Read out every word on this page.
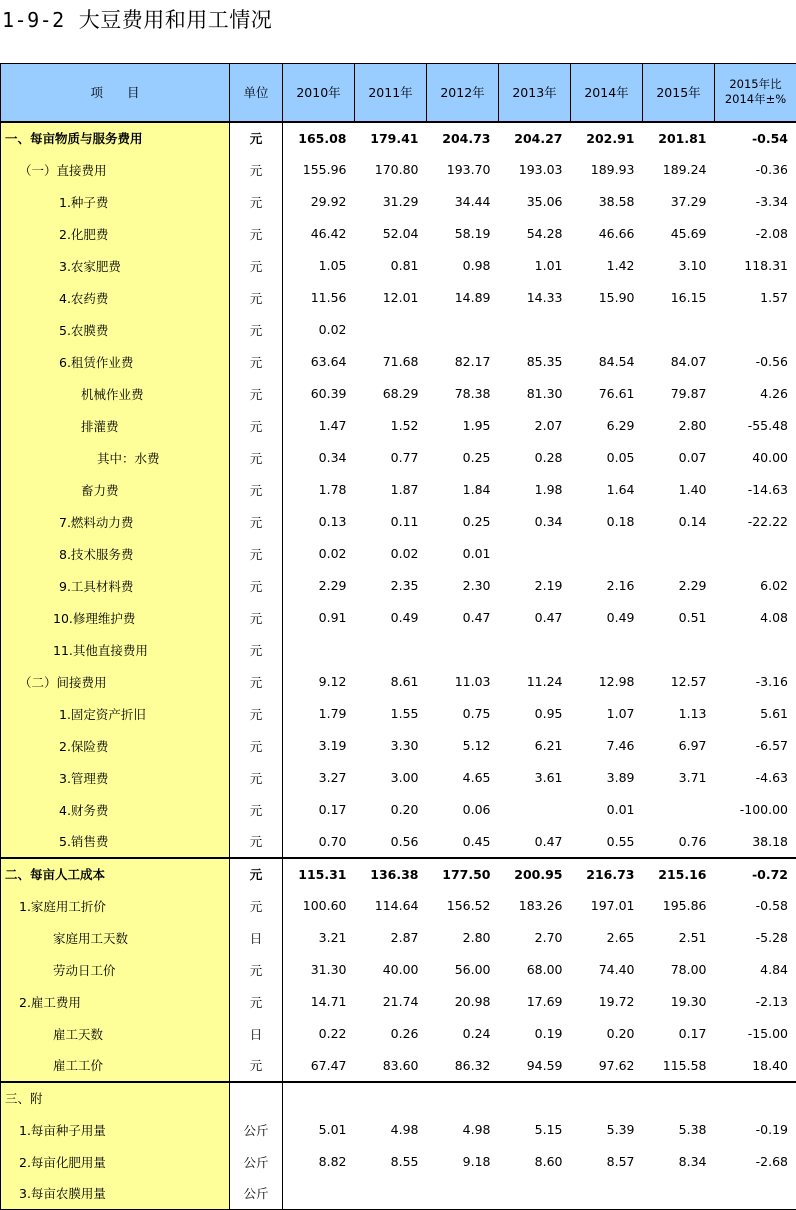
1-9-2 大豆费用和用工情况
项目	单位	2010年	2011年	2012年	2013年	2014年	2015年	2015年比
2014年±%
一、每亩物质与服务费用	元	165.08	179.41	204.73	204.27	202.91	201.81	-0.54
（一）直接费用	元	155.96	170.80	193.70	193.03	189.93	189.24	-0.36
1.种子费	元	29.92	31.29	34.44	35.06	38.58	37.29	-3.34
2.化肥费	元	46.42	52.04	58.19	54.28	46.66	45.69	-2.08
3.农家肥费	元	1.05	0.81	0.98	1.01	1.42	3.10	118.31
4.农药费	元	11.56	12.01	14.89	14.33	15.90	16.15	1.57
5.农膜费	元	0.02						
6.租赁作业费	元	63.64	71.68	82.17	85.35	84.54	84.07	-0.56
机械作业费	元	60.39	68.29	78.38	81.30	76.61	79.87	4.26
排灌费	元	1.47	1.52	1.95	2.07	6.29	2.80	-55.48
其中：水费	元	0.34	0.77	0.25	0.28	0.05	0.07	40.00
畜力费	元	1.78	1.87	1.84	1.98	1.64	1.40	-14.63
7.燃料动力费	元	0.13	0.11	0.25	0.34	0.18	0.14	-22.22
8.技术服务费	元	0.02	0.02	0.01				
9.工具材料费	元	2.29	2.35	2.30	2.19	2.16	2.29	6.02
10.修理维护费	元	0.91	0.49	0.47	0.47	0.49	0.51	4.08
11.其他直接费用	元							
（二）间接费用	元	9.12	8.61	11.03	11.24	12.98	12.57	-3.16
1.固定资产折旧	元	1.79	1.55	0.75	0.95	1.07	1.13	5.61
2.保险费	元	3.19	3.30	5.12	6.21	7.46	6.97	-6.57
3.管理费	元	3.27	3.00	4.65	3.61	3.89	3.71	-4.63
4.财务费	元	0.17	0.20	0.06		0.01		-100.00
5.销售费	元	0.70	0.56	0.45	0.47	0.55	0.76	38.18
二、每亩人工成本	元	115.31	136.38	177.50	200.95	216.73	215.16	-0.72
1.家庭用工折价	元	100.60	114.64	156.52	183.26	197.01	195.86	-0.58
家庭用工天数	日	3.21	2.87	2.80	2.70	2.65	2.51	-5.28
劳动日工价	元	31.30	40.00	56.00	68.00	74.40	78.00	4.84
2.雇工费用	元	14.71	21.74	20.98	17.69	19.72	19.30	-2.13
雇工天数	日	0.22	0.26	0.24	0.19	0.20	0.17	-15.00
雇工工价	元	67.47	83.60	86.32	94.59	97.62	115.58	18.40
三、附								
1.每亩种子用量	公斤	5.01	4.98	4.98	5.15	5.39	5.38	-0.19
2.每亩化肥用量	公斤	8.82	8.55	9.18	8.60	8.57	8.34	-2.68
3.每亩农膜用量	公斤							
